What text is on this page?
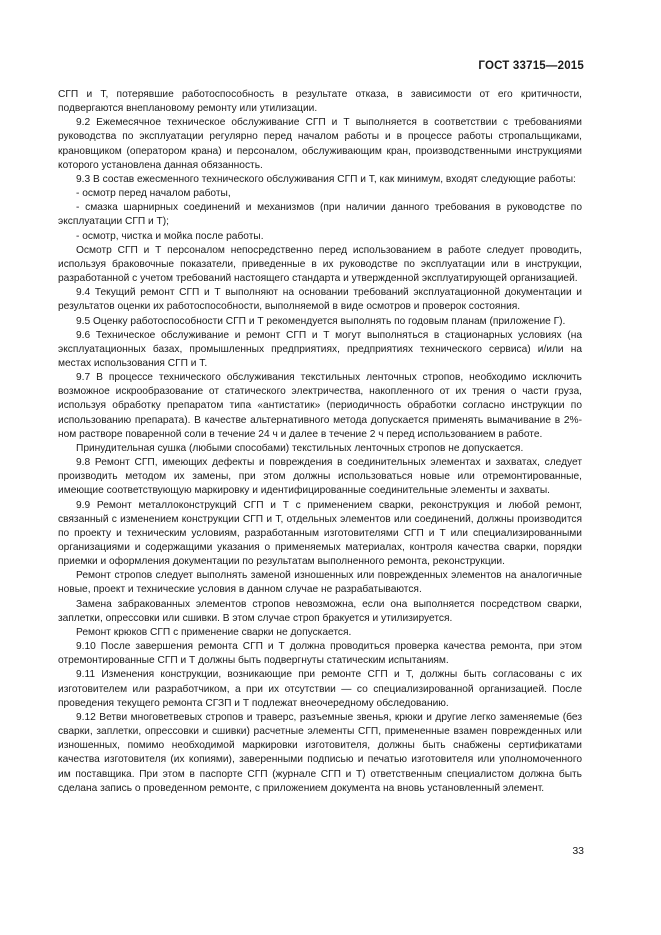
ГОСТ 33715—2015

СГП и Т, потерявшие работоспособность в результате отказа, в зависимости от его критичности, подвергаются внеплановому ремонту или утилизации.

9.2 Ежемесячное техническое обслуживание СГП и Т выполняется в соответствии с требованиями руководства по эксплуатации регулярно перед началом работы и в процессе работы стропальщиками, крановщиком (оператором крана) и персоналом, обслуживающим кран, производственными инструкциями которого установлена данная обязанность.

9.3 В состав ежесменного технического обслуживания СГП и Т, как минимум, входят следующие работы:

- осмотр перед началом работы,

- смазка шарнирных соединений и механизмов (при наличии данного требования в руководстве по эксплуатации СГП и Т);

- осмотр, чистка и мойка после работы.

Осмотр СГП и Т персоналом непосредственно перед использованием в работе следует проводить, используя браковочные показатели, приведенные в их руководстве по эксплуатации или в инструкции, разработанной с учетом требований настоящего стандарта и утвержденной эксплуатирующей организацией.

9.4 Текущий ремонт СГП и Т выполняют на основании требований эксплуатационной документации и результатов оценки их работоспособности, выполняемой в виде осмотров и проверок состояния.

9.5 Оценку работоспособности СГП и Т рекомендуется выполнять по годовым планам (приложение Г).

9.6 Техническое обслуживание и ремонт СГП и Т могут выполняться в стационарных условиях (на эксплуатационных базах, промышленных предприятиях, предприятиях технического сервиса) и/или на местах использования СГП и Т.

9.7 В процессе технического обслуживания текстильных ленточных стропов, необходимо исключить возможное искрообразование от статического электричества, накопленного от их трения о части груза, используя обработку препаратом типа «антистатик» (периодичность обработки согласно инструкции по использованию препарата). В качестве альтернативного метода допускается применять вымачивание в 2%-ном растворе поваренной соли в течение 24 ч и далее в течение 2 ч перед использованием в работе.

Принудительная сушка (любыми способами) текстильных ленточных стропов не допускается.

9.8 Ремонт СГП, имеющих дефекты и повреждения в соединительных элементах и захватах, следует производить методом их замены, при этом должны использоваться новые или отремонтированные, имеющие соответствующую маркировку и идентифицированные соединительные элементы и захваты.

9.9 Ремонт металлоконструкций СГП и Т с применением сварки, реконструкция и любой ремонт, связанный с изменением конструкции СГП и Т, отдельных элементов или соединений, должны производится по проекту и техническим условиям, разработанным изготовителями СГП и Т или специализированными организациями и содержащими указания о применяемых материалах, контроля качества сварки, порядки приемки и оформления документации по результатам выполненного ремонта, реконструкции.

Ремонт стропов следует выполнять заменой изношенных или поврежденных элементов на аналогичные новые, проект и технические условия в данном случае не разрабатываются.

Замена забракованных элементов стропов невозможна, если она выполняется посредством сварки, заплетки, опрессовки или сшивки. В этом случае строп бракуется и утилизируется.

Ремонт крюков СГП с применение сварки не допускается.

9.10 После завершения ремонта СГП и Т должна проводиться проверка качества ремонта, при этом отремонтированные СГП и Т должны быть подвергнуты статическим испытаниям.

9.11 Изменения конструкции, возникающие при ремонте СГП и Т, должны быть согласованы с их изготовителем или разработчиком, а при их отсутствии — со специализированной организацией. После проведения текущего ремонта СГЗП и Т подлежат внеочередному обследованию.

9.12 Ветви многоветвевых стропов и траверс, разъемные звенья, крюки и другие легко заменяемые (без сварки, заплетки, опрессовки и сшивки) расчетные элементы СГП, примененные взамен поврежденных или изношенных, помимо необходимой маркировки изготовителя, должны быть снабжены сертификатами качества изготовителя (их копиями), заверенными подписью и печатью изготовителя или уполномоченного им поставщика. При этом в паспорте СГП (журнале СГП и Т) ответственным специалистом должна быть сделана запись о проведенном ремонте, с приложением документа на вновь установленный элемент.

33
